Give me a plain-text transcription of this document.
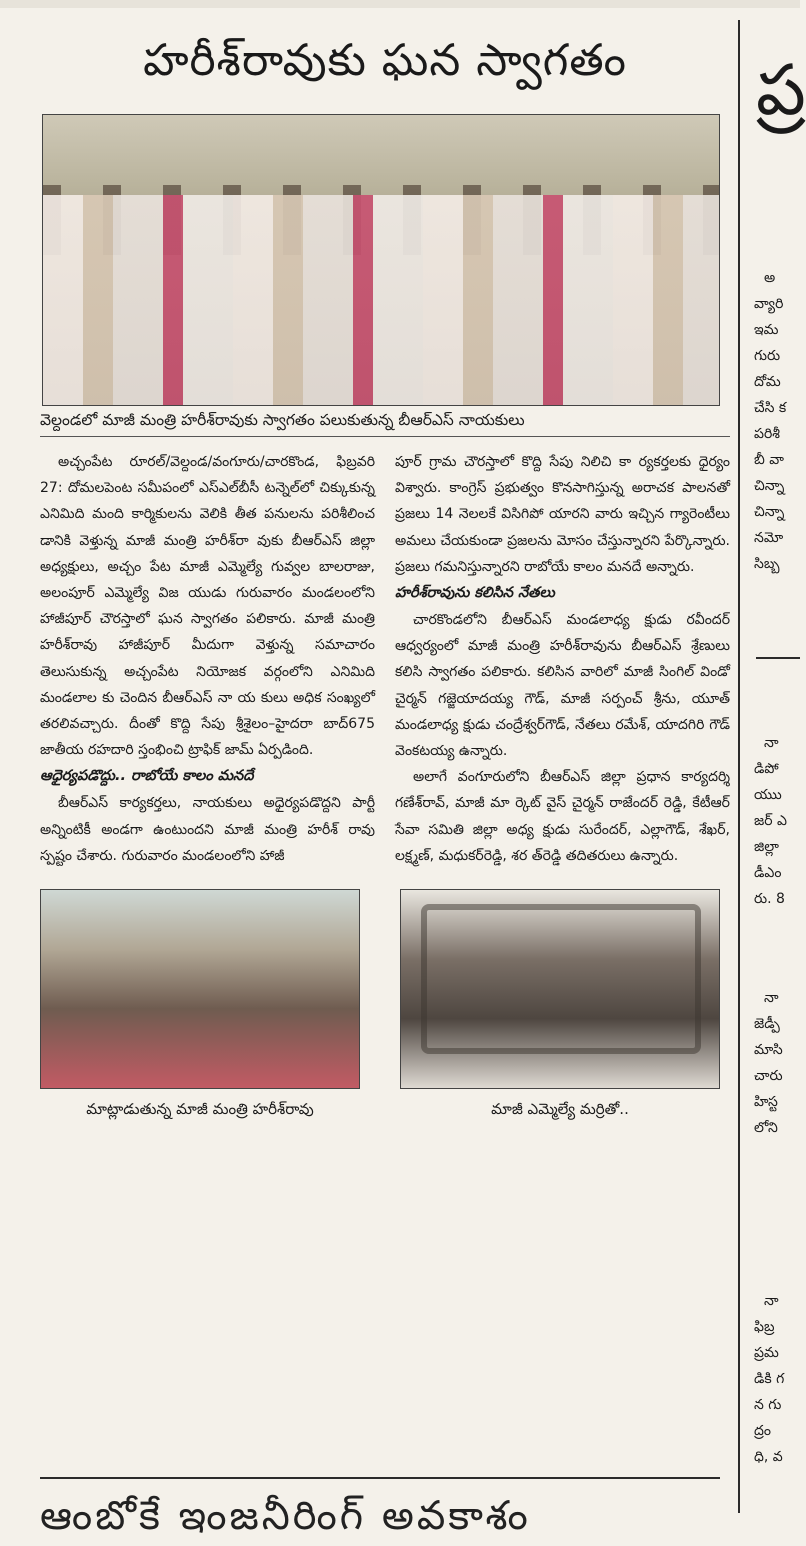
హరీశ్‌రావుకు ఘన స్వాగతం
వెల్దండలో మాజీ మంత్రి హరీశ్‌రావుకు స్వాగతం పలుకుతున్న బీఆర్‌ఎస్ నాయకులు

అచ్చంపేట రూరల్/వెల్దండ/వంగూరు/చారకొండ, ఫిబ్రవరి 27: దోమలపెంట సమీపంలో ఎస్‌ఎల్‌బీసీ టన్నెల్‌లో చిక్కుకున్న ఎనిమిది మంది కార్మికులను వెలికి తీత పనులను పరిశీలించ డానికి వెళ్తున్న మాజీ మంత్రి హరీశ్‌రా వుకు బీఆర్‌ఎస్ జిల్లా అధ్యక్షులు, అచ్చం పేట మాజీ ఎమ్మెల్యే గువ్వల బాలరాజు, అలంపూర్ ఎమ్మెల్యే విజ యుడు గురువారం మండలంలోని హాజీపూర్ చౌరస్తాలో ఘన స్వాగతం పలికారు. మాజీ మంత్రి హరీశ్‌రావు హాజీపూర్ మీదుగా వెళ్తున్న సమాచారం తెలుసుకున్న అచ్చంపేట నియోజక వర్గంలోని ఎనిమిది మండలాల కు చెందిన బీఆర్‌ఎస్ నా య కులు అధిక సంఖ్యలో తరలివచ్చారు. దీంతో కొద్ది సేపు శ్రీశైలం–హైదరా బాద్675 జాతీయ రహదారి స్తంభించి ట్రాఫిక్ జామ్ ఏర్పడింది.

ఆధైర్యపడొద్దు.. రాబోయే కాలం మనదే

బీఆర్‌ఎస్ కార్యకర్తలు, నాయకులు అధైర్యపడొద్దని పార్టీ అన్నింటికీ అండగా ఉంటుందని మాజీ మంత్రి హరీశ్ రావు స్పష్టం చేశారు. గురువారం మండలంలోని హాజీ

పూర్ గ్రామ చౌరస్తాలో కొద్ది సేపు నిలిచి కా ర్యకర్తలకు ధైర్యం విశ్వారు. కాంగ్రెస్ ప్రభుత్వం కొనసాగిస్తున్న అరాచక పాలనతో ప్రజలు 14 నెలలకే విసిగిపో యారని వారు ఇచ్చిన గ్యారెంటీలు అమలు చేయకుండా ప్రజలను మోసం చేస్తున్నారని పేర్కొన్నారు. ప్రజలు గమనిస్తున్నారని రాబోయే కాలం మనదే అన్నారు.

హరీశ్‌రావును కలిసిన నేతలు

చారకొండలోని బీఆర్‌ఎస్ మండలాధ్య క్షుడు రవీందర్ ఆధ్వర్యంలో మాజీ మంత్రి హరీశ్‌రావును బీఆర్‌ఎస్ శ్రేణులు కలిసి స్వాగతం పలికారు. కలిసిన వారిలో మాజీ సింగిల్ విండో చైర్మన్ గజ్జెయాదయ్య గౌడ్, మాజీ సర్పంచ్ శ్రీను, యూత్ మండలాధ్య క్షుడు చంద్రేశ్వర్‌గౌడ్, నేతలు రమేశ్, యాదగిరి గౌడ్ వెంకటయ్య ఉన్నారు.

అలాగే వంగూరులోని బీఆర్‌ఎస్ జిల్లా ప్రధాన కార్యదర్శి గణేశ్‌రావ్, మాజీ మా ర్కెట్ వైస్ చైర్మన్ రాజేందర్ రెడ్డి, కేటీఆర్ సేవా సమితి జిల్లా అధ్య క్షుడు సురేందర్, ఎల్లాగౌడ్, శేఖర్, లక్ష్మణ్, మధుకర్‌రెడ్డి, శర త్‌రెడ్డి తదితరులు ఉన్నారు.

మాట్లాడుతున్న మాజీ మంత్రి హరీశ్‌రావు	మాజీ ఎమ్మెల్యే మర్రితో..
ఆంబోకే ఇంజనీరింగ్ అవకాశం
ప్ర
అ
వ్యారి
ఇమ
గురు
దోమ
చేసి క
పరిశీ
బీ వా
చిన్నా
చిన్నా
నమో
సిబ్బ
నా
డిపో
యుు
జర్ ఎ
జిల్లా
డీఎం
రు. 8
నా
జెడ్పీ
మాసి
చారు
హిస్ట
లోని
నా
ఫిబ్ర
ప్రమ
డికి గ
న గు
ద్రం
ధి, వ
